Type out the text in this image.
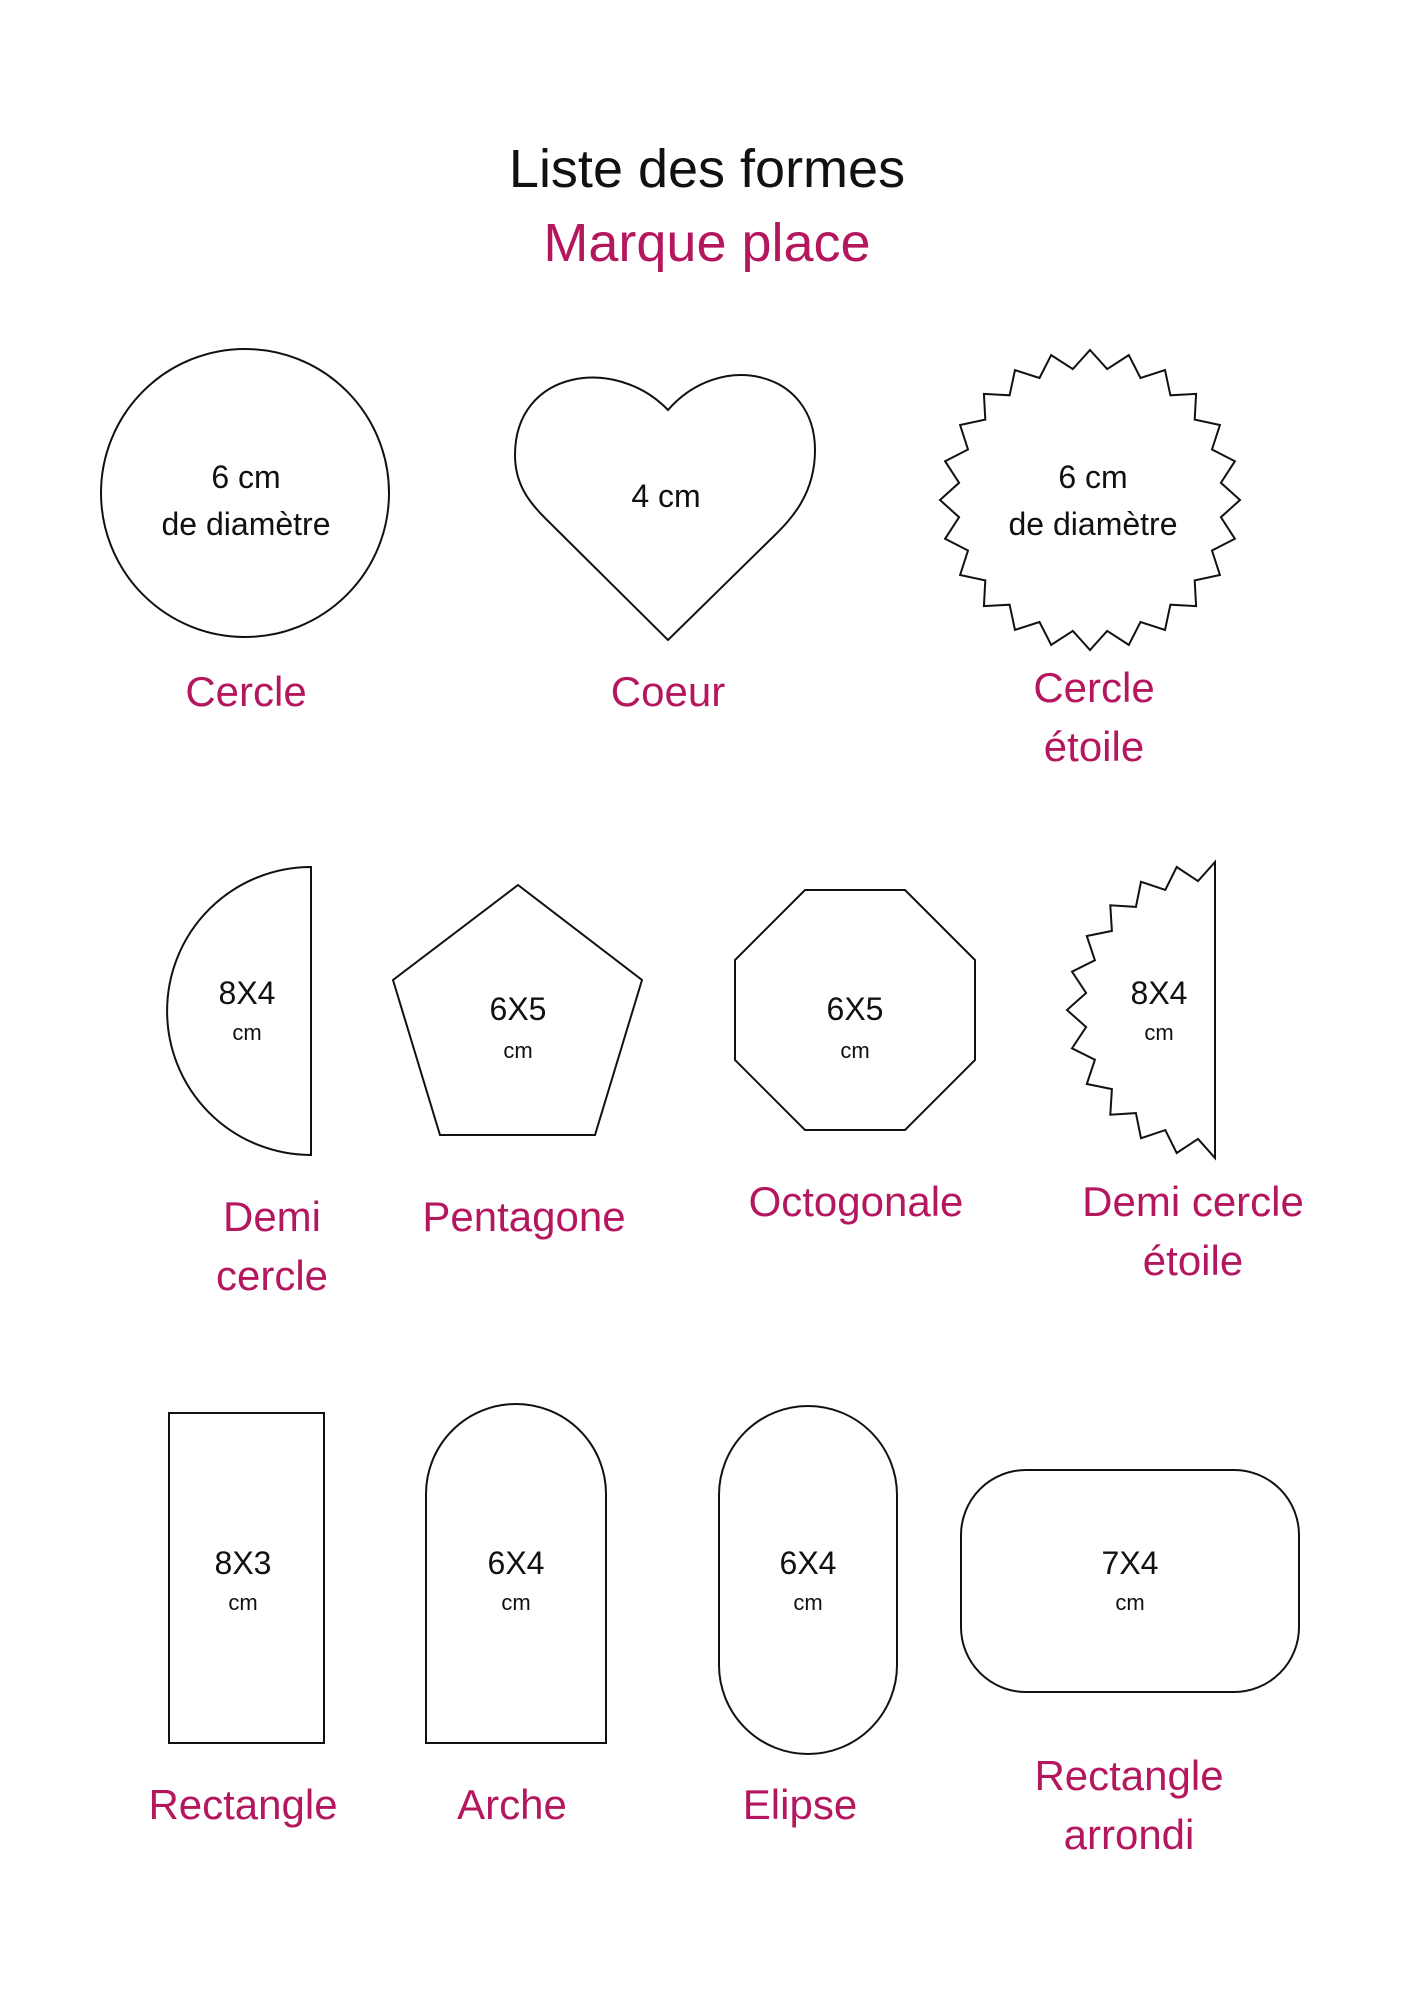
Liste des formes
Marque place
6 cm
de diamètre
4 cm
6 cm
de diamètre
8X4
cm
6X5
cm
6X5
cm
8X4
cm
8X3
cm
6X4
cm
6X4
cm
7X4
cm
Cercle	Coeur	Cercle
étoile
Demi
cercle
Pentagone	Octogonale	Demi cercle
étoile
Rectangle	Arche	Elipse
Rectangle
arrondi
